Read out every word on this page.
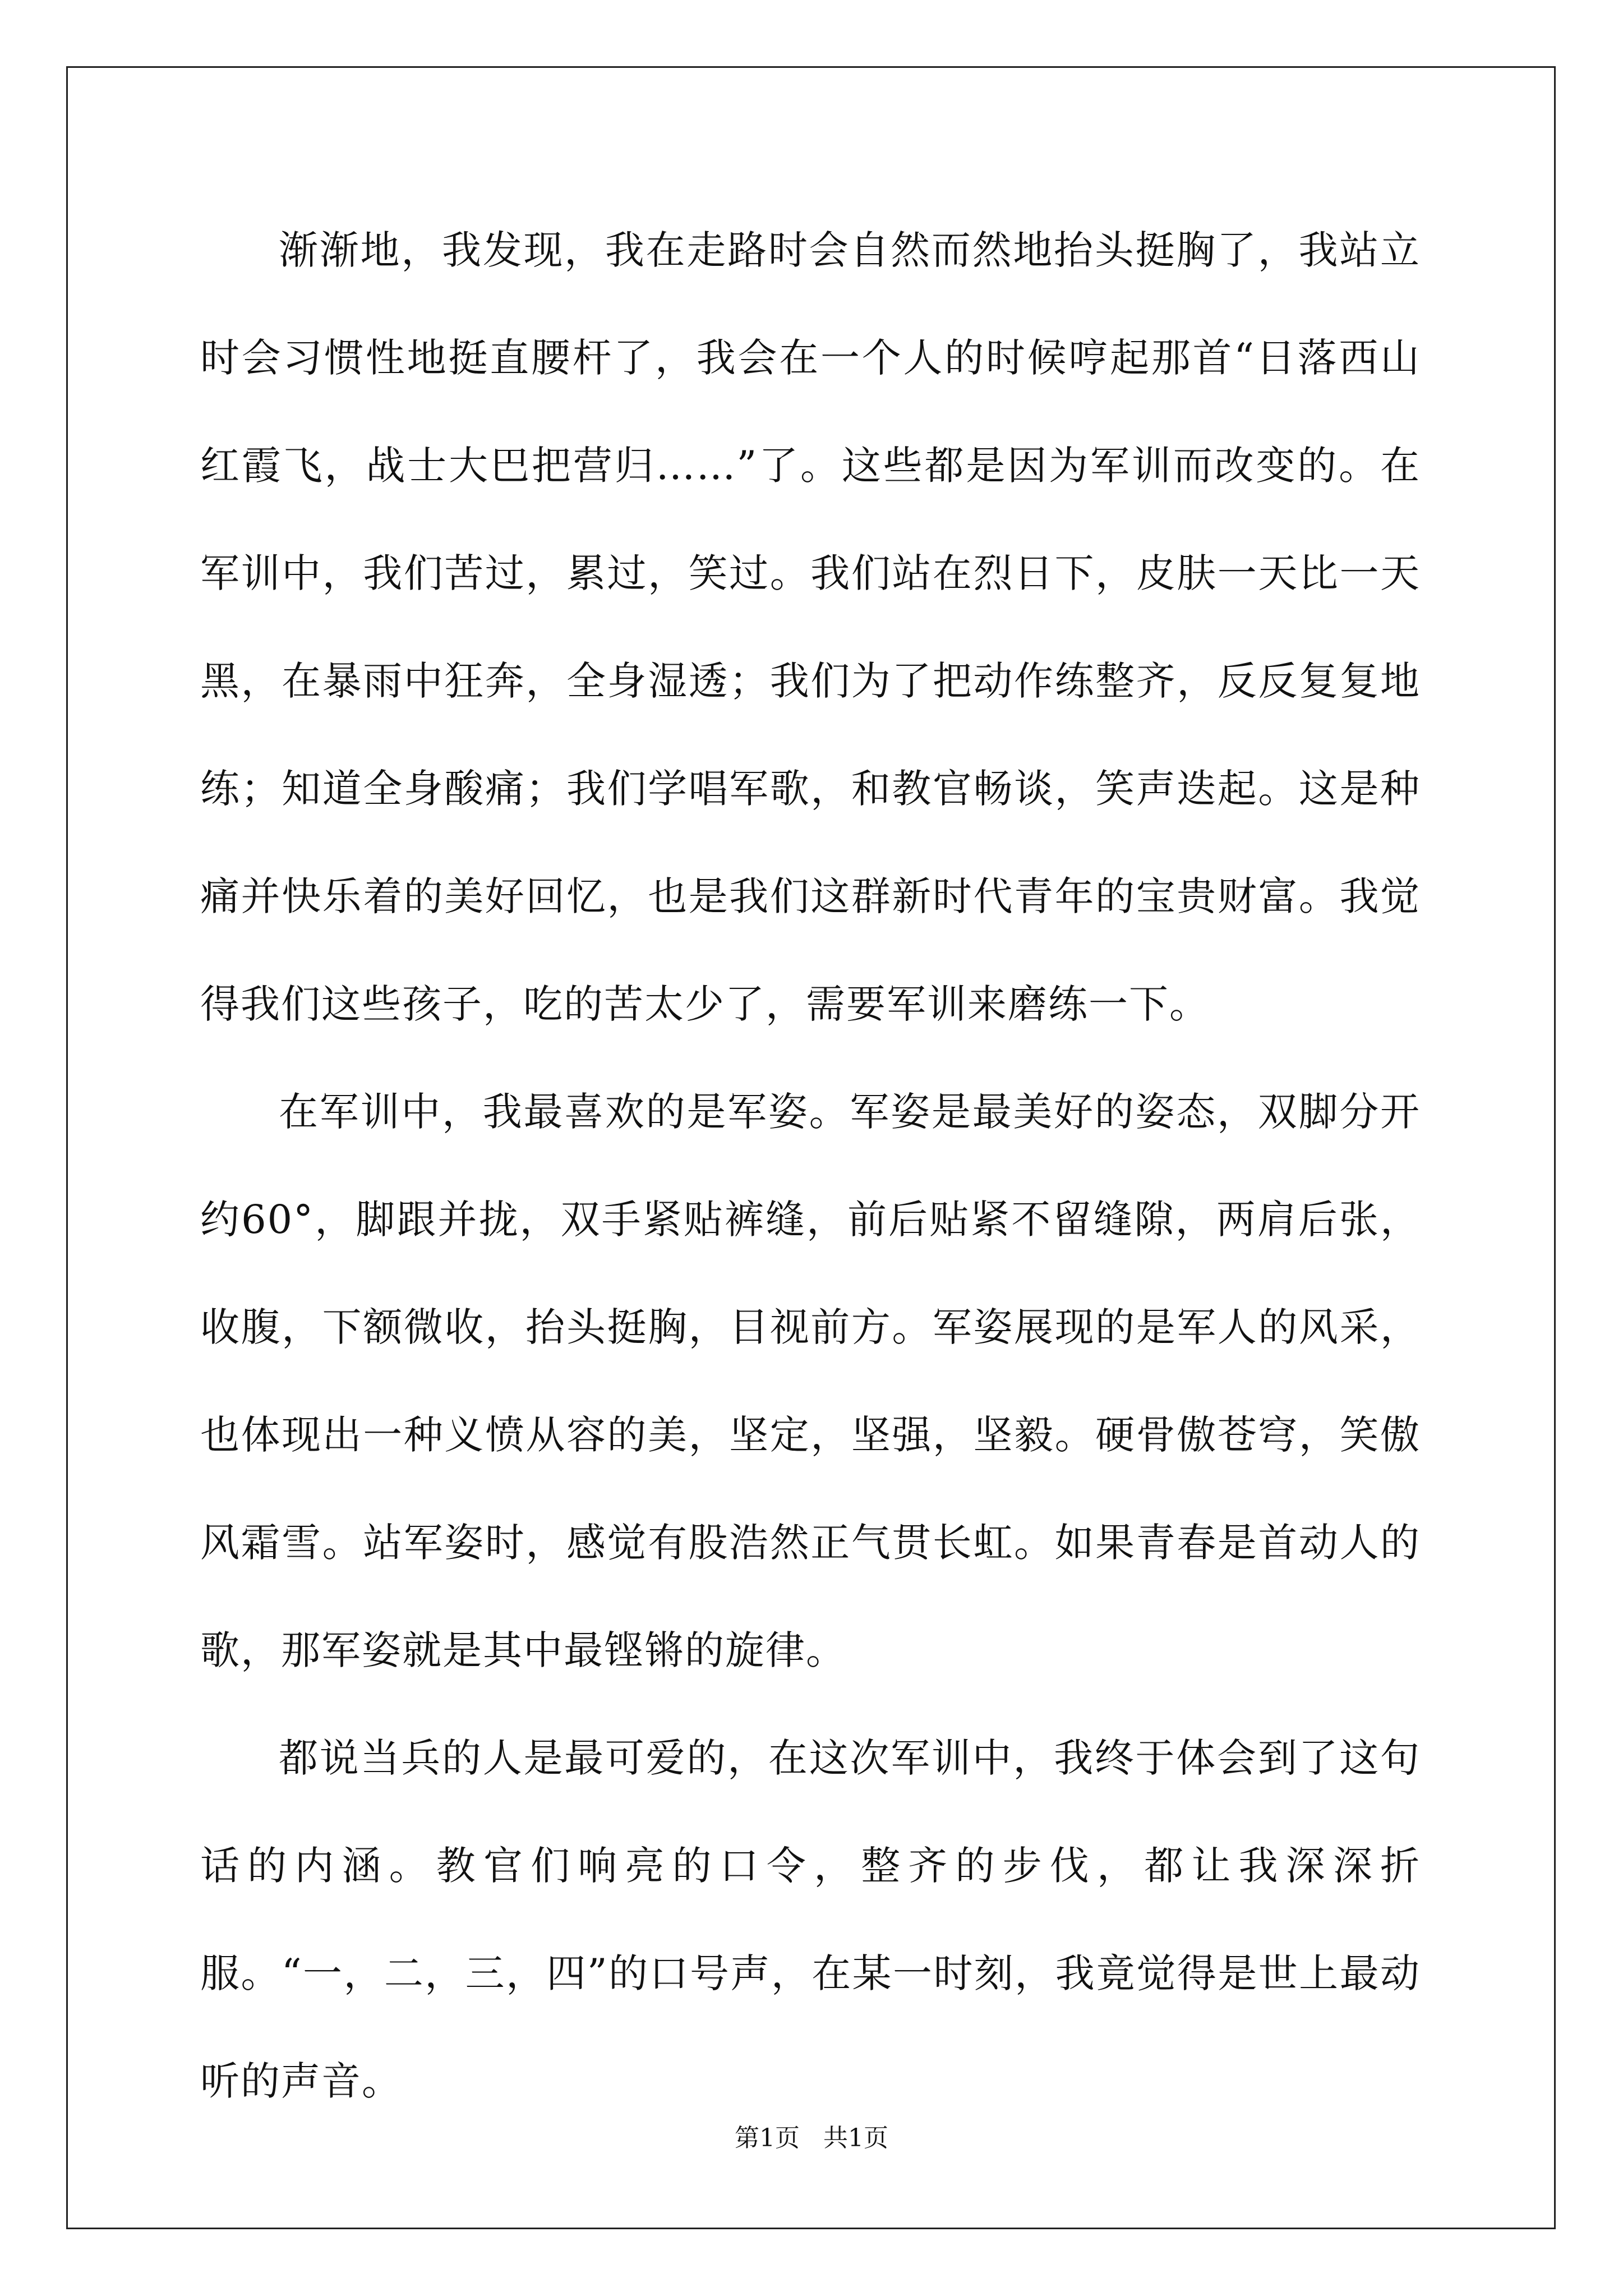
渐渐地，我发现，我在走路时会自然而然地抬头挺胸了，我站立时会习惯性地挺直腰杆了，我会在一个人的时候哼起那首“日落西山红霞飞，战士大巴把营归……”了。这些都是因为军训而改变的。在军训中，我们苦过，累过，笑过。我们站在烈日下，皮肤一天比一天黑，在暴雨中狂奔，全身湿透；我们为了把动作练整齐，反反复复地练；知道全身酸痛；我们学唱军歌，和教官畅谈，笑声迭起。这是种痛并快乐着的美好回忆，也是我们这群新时代青年的宝贵财富。我觉得我们这些孩子，吃的苦太少了，需要军训来磨练一下。

在军训中，我最喜欢的是军姿。军姿是最美好的姿态，双脚分开约60°，脚跟并拢，双手紧贴裤缝，前后贴紧不留缝隙，两肩后张，收腹，下额微收，抬头挺胸，目视前方。军姿展现的是军人的风采，也体现出一种义愤从容的美，坚定，坚强，坚毅。硬骨傲苍穹，笑傲风霜雪。站军姿时，感觉有股浩然正气贯长虹。如果青春是首动人的歌，那军姿就是其中最铿锵的旋律。

都说当兵的人是最可爱的，在这次军训中，我终于体会到了这句话的内涵。教官们响亮的口令，整齐的步伐，都让我深深折服。“一，二，三，四”的口号声，在某一时刻，我竟觉得是世上最动听的声音。

第1页   共1页
